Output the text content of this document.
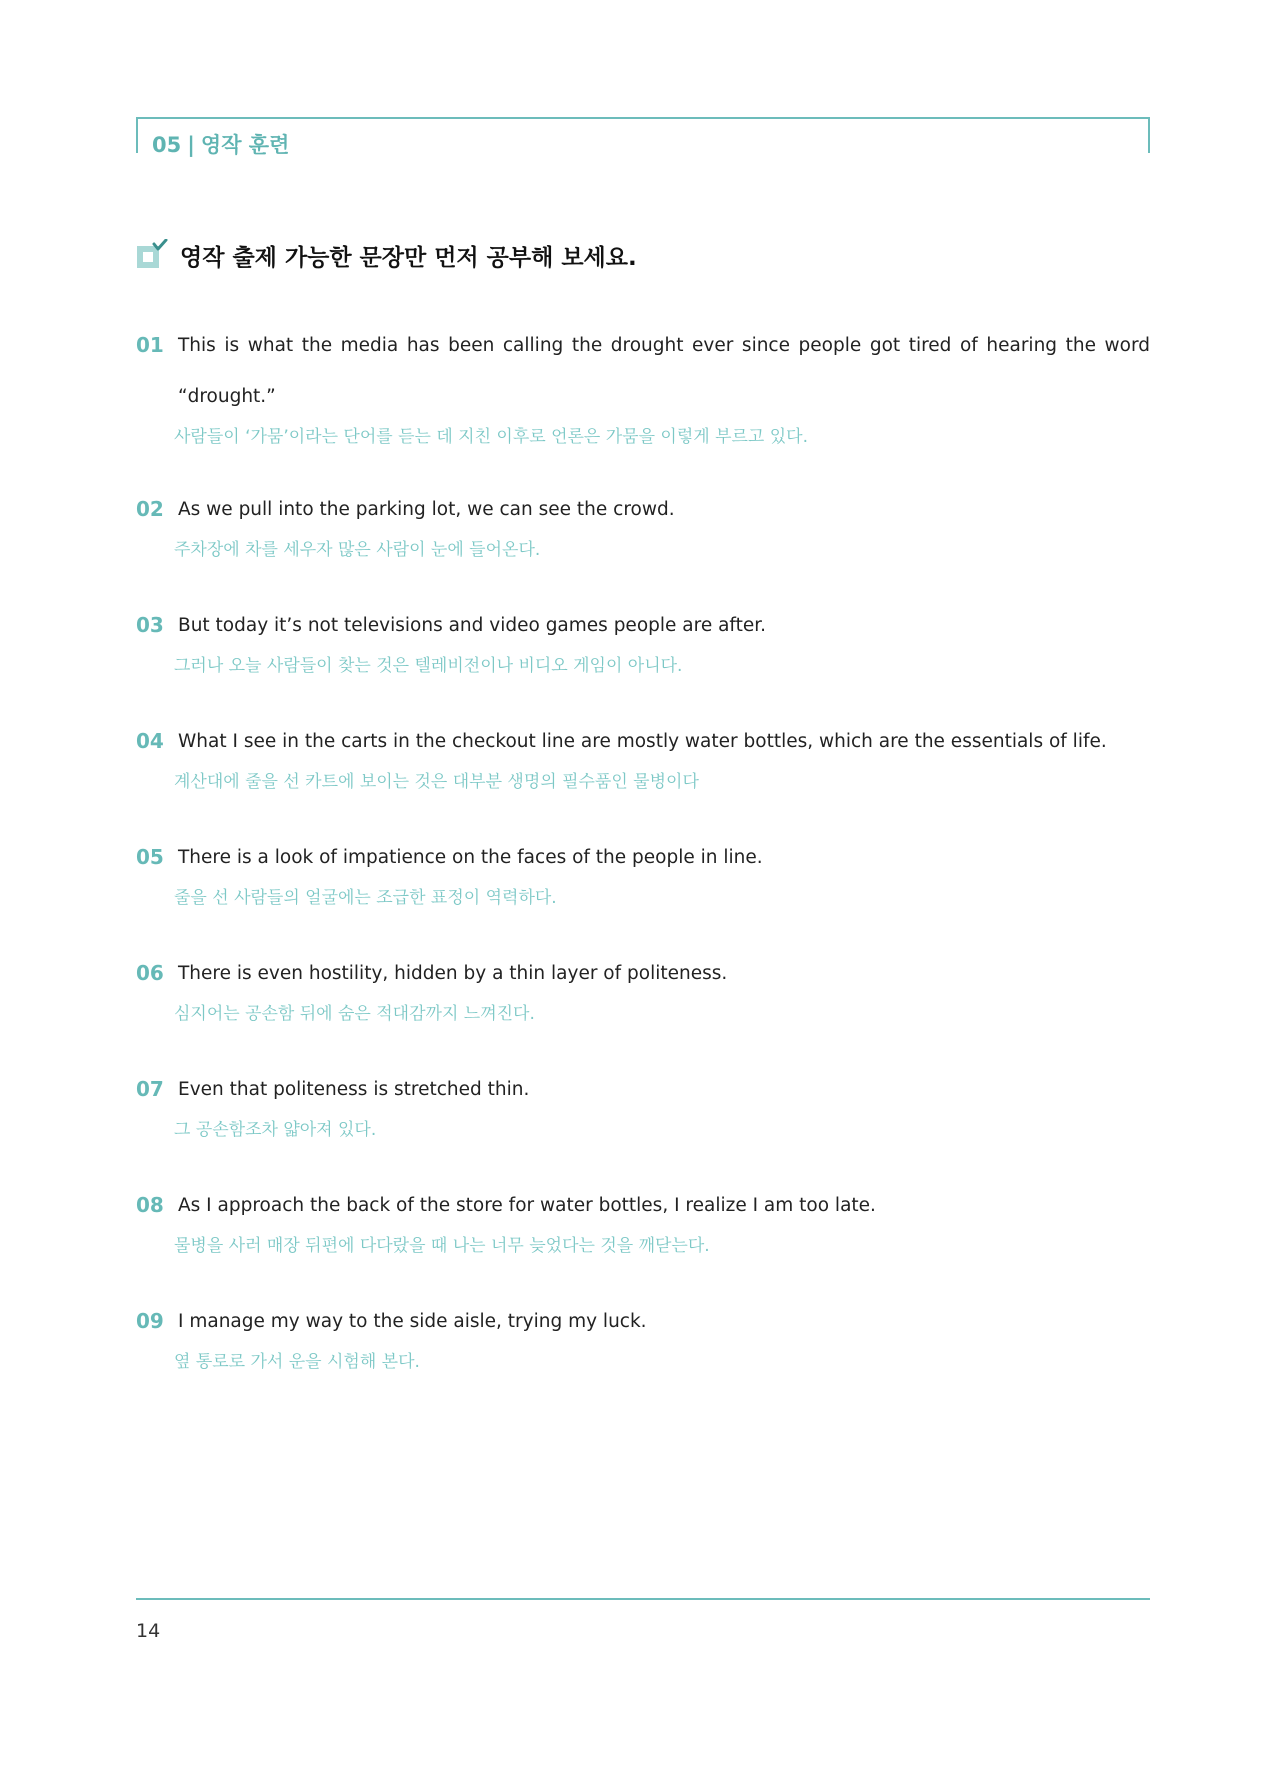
05 | 영작 훈련
영작 출제 가능한 문장만 먼저 공부해 보세요.
01 This is what the media has been calling the drought ever since people got tired of hearing the word “drought.”
사람들이 ‘가뭄’이라는 단어를 듣는 데 지친 이후로 언론은 가뭄을 이렇게 부르고 있다.
02 As we pull into the parking lot, we can see the crowd.
주차장에 차를 세우자 많은 사람이 눈에 들어온다.
03 But today it’s not televisions and video games people are after.
그러나 오늘 사람들이 찾는 것은 텔레비전이나 비디오 게임이 아니다.
04 What I see in the carts in the checkout line are mostly water bottles, which are the essentials of life.
계산대에 줄을 선 카트에 보이는 것은 대부분 생명의 필수품인 물병이다
05 There is a look of impatience on the faces of the people in line.
줄을 선 사람들의 얼굴에는 조급한 표정이 역력하다.
06 There is even hostility, hidden by a thin layer of politeness.
심지어는 공손함 뒤에 숨은 적대감까지 느껴진다.
07 Even that politeness is stretched thin.
그 공손함조차 얇아져 있다.
08 As I approach the back of the store for water bottles, I realize I am too late.
물병을 사러 매장 뒤편에 다다랐을 때 나는 너무 늦었다는 것을 깨닫는다.
09 I manage my way to the side aisle, trying my luck.
옆 통로로 가서 운을 시험해 본다.
14
